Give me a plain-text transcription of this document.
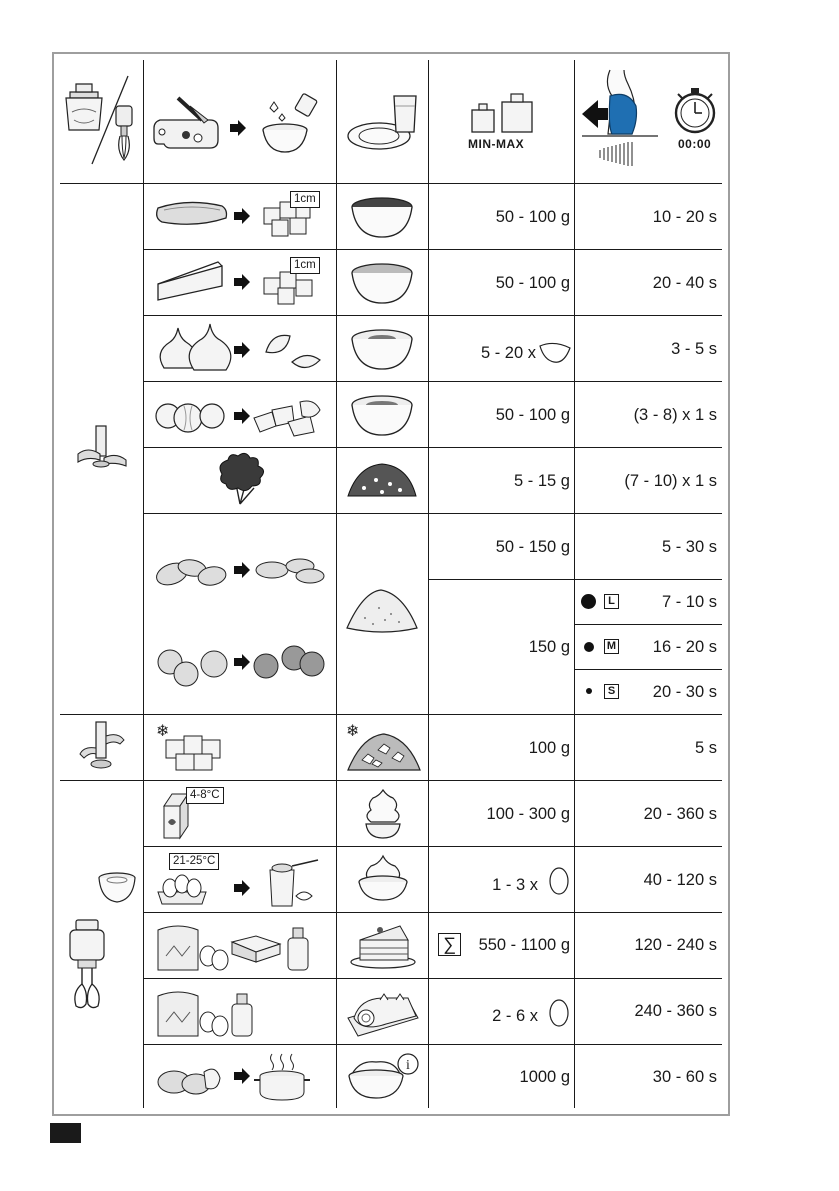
MIN-MAX	00:00
1cm
50 - 100 g	10 - 20 s
1cm
50 - 100 g	20 - 40 s
5 - 20 x	3 - 5 s
50 - 100 g	(3 - 8) x 1 s
5 - 15 g	(7 - 10) x 1 s
50 - 150 g	5 - 30 s
150 g
L	7 - 10 s
M 16 - 20 s
S 20 - 30 s
❄	❄
100 g	5 s
4-8°C
100 - 300 g	20 - 360 s
21-25°C
1 - 3 x	40 - 120 s
∑	550 - 1100 g	120 - 240 s
2 - 6 x	240 - 360 s
i
1000 g	30 - 60 s
